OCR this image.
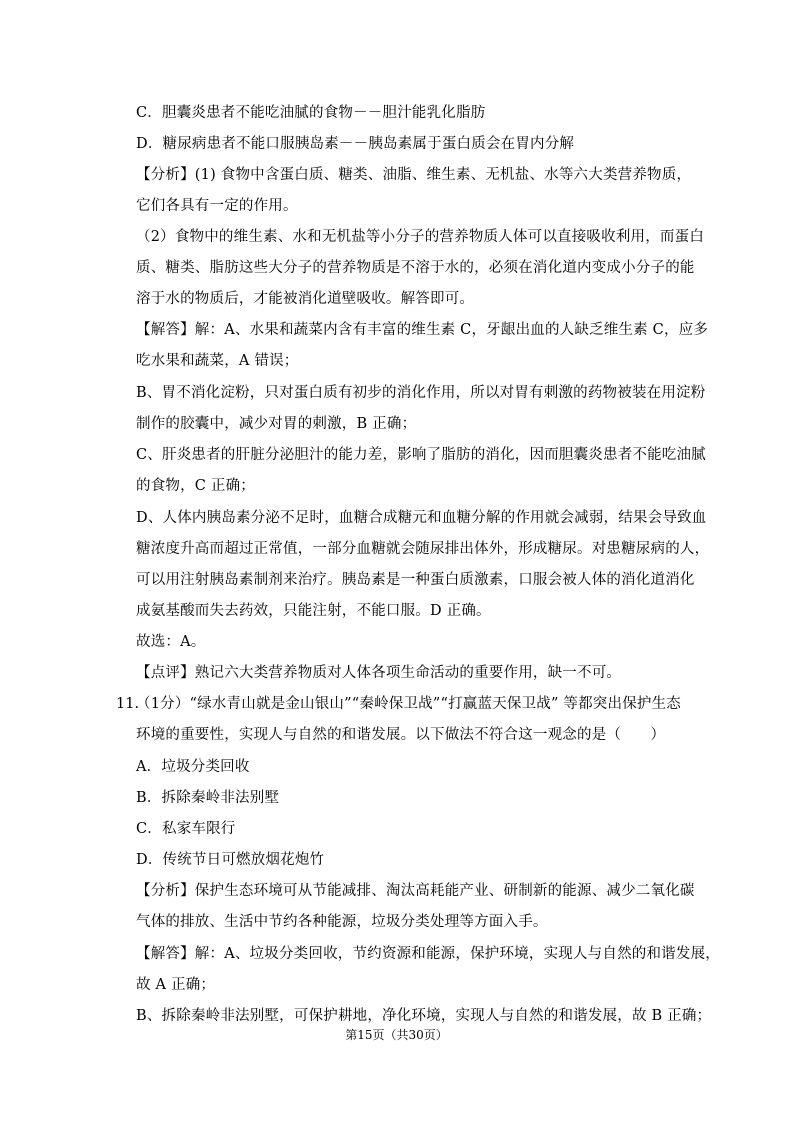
C．胆囊炎患者不能吃油腻的食物－－胆汁能乳化脂肪
D．糖尿病患者不能口服胰岛素－－胰岛素属于蛋白质会在胃内分解
【分析】(1) 食物中含蛋白质、糖类、油脂、维生素、无机盐、水等六大类营养物质，
它们各具有一定的作用。
（2）食物中的维生素、水和无机盐等小分子的营养物质人体可以直接吸收利用，而蛋白
质、糖类、脂肪这些大分子的营养物质是不溶于水的，必须在消化道内变成小分子的能
溶于水的物质后，才能被消化道壁吸收。解答即可。
【解答】解：A、水果和蔬菜内含有丰富的维生素 C，牙龈出血的人缺乏维生素 C，应多
吃水果和蔬菜，A 错误；
B、胃不消化淀粉，只对蛋白质有初步的消化作用，所以对胃有刺激的药物被装在用淀粉
制作的胶囊中，减少对胃的刺激，B 正确；
C、肝炎患者的肝脏分泌胆汁的能力差，影响了脂肪的消化，因而胆囊炎患者不能吃油腻
的食物，C 正确；
D、人体内胰岛素分泌不足时，血糖合成糖元和血糖分解的作用就会减弱，结果会导致血
糖浓度升高而超过正常值，一部分血糖就会随尿排出体外，形成糖尿。对患糖尿病的人，
可以用注射胰岛素制剂来治疗。胰岛素是一种蛋白质激素，口服会被人体的消化道消化
成氨基酸而失去药效，只能注射，不能口服。D 正确。
故选：A。
【点评】熟记六大类营养物质对人体各项生命活动的重要作用，缺一不可。
11.
（1分）“绿水青山就是金山银山”“秦岭保卫战”“打赢蓝天保卫战” 等都突出保护生态
环境的重要性，实现人与自然的和谐发展。以下做法不符合这一观念的是（　　）
A．垃圾分类回收
B．拆除秦岭非法别墅
C．私家车限行
D．传统节日可燃放烟花炮竹
【分析】保护生态环境可从节能减排、淘汰高耗能产业、研制新的能源、减少二氧化碳
气体的排放、生活中节约各种能源，垃圾分类处理等方面入手。
【解答】解：A、垃圾分类回收，节约资源和能源，保护环境，实现人与自然的和谐发展，
故 A 正确；
B、拆除秦岭非法别墅，可保护耕地，净化环境，实现人与自然的和谐发展，故 B 正确；
第15页（共30页）
